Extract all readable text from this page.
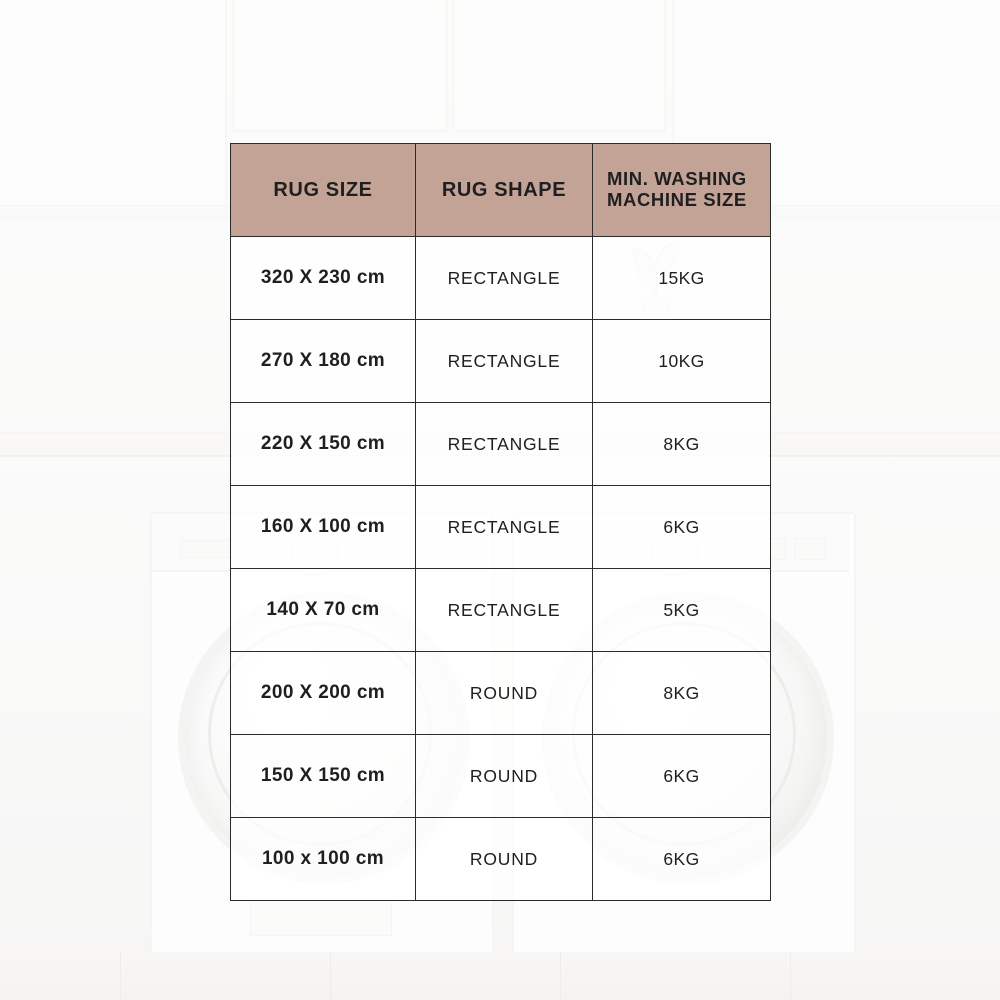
RUG SIZE	RUG SHAPE	MIN. WASHING MACHINE SIZE
320 X 230 cm	RECTANGLE	15KG
270 X 180 cm	RECTANGLE	10KG
220 X 150 cm	RECTANGLE	8KG
160 X 100 cm	RECTANGLE	6KG
140 X 70 cm	RECTANGLE	5KG
200 X 200 cm	ROUND	8KG
150 X 150 cm	ROUND	6KG
100 x 100 cm	ROUND	6KG
